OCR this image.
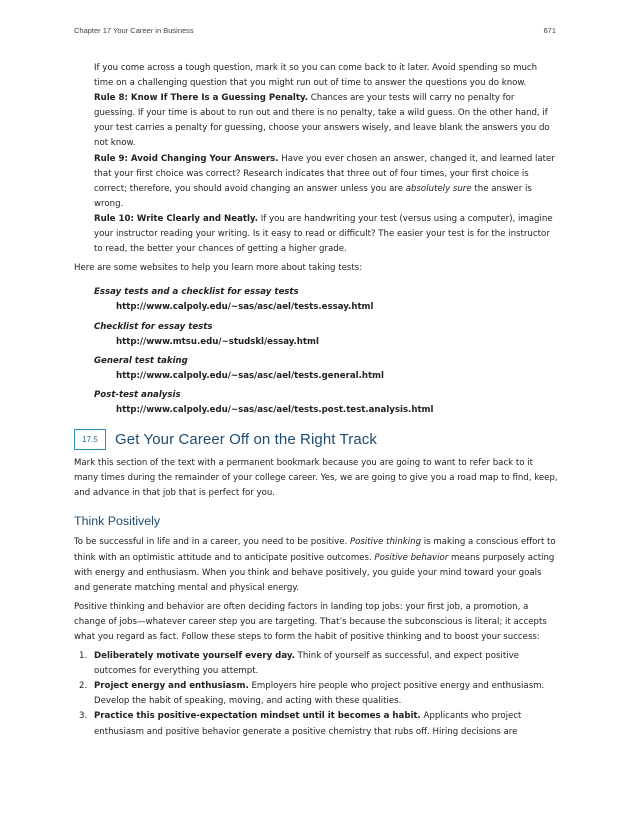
Chapter 17 Your Career in Business	671

If you come across a tough question, mark it so you can come back to it later. Avoid spending so much time on a challenging question that you might run out of time to answer the questions you do know.

Rule 8: Know If There Is a Guessing Penalty. Chances are your tests will carry no penalty for guessing. If your time is about to run out and there is no penalty, take a wild guess. On the other hand, if your test carries a penalty for guessing, choose your answers wisely, and leave blank the answers you do not know.

Rule 9: Avoid Changing Your Answers. Have you ever chosen an answer, changed it, and learned later that your first choice was correct? Research indicates that three out of four times, your first choice is correct; therefore, you should avoid changing an answer unless you are absolutely sure the answer is wrong.

Rule 10: Write Clearly and Neatly. If you are handwriting your test (versus using a computer), imagine your instructor reading your writing. Is it easy to read or difficult? The easier your test is for the instructor to read, the better your chances of getting a higher grade.

Here are some websites to help you learn more about taking tests:

Essay tests and a checklist for essay tests
http://www.calpoly.edu/~sas/asc/ael/tests.essay.html
Checklist for essay tests
http://www.mtsu.edu/~studskl/essay.html
General test taking
http://www.calpoly.edu/~sas/asc/ael/tests.general.html
Post-test analysis
http://www.calpoly.edu/~sas/asc/ael/tests.post.test.analysis.html
17.5	Get Your Career Off on the Right Track

Mark this section of the text with a permanent bookmark because you are going to want to refer back to it many times during the remainder of your college career. Yes, we are going to give you a road map to find, keep, and advance in that job that is perfect for you.

Think Positively

To be successful in life and in a career, you need to be positive. Positive thinking is making a conscious effort to think with an optimistic attitude and to anticipate positive outcomes. Positive behavior means purposely acting with energy and enthusiasm. When you think and behave positively, you guide your mind toward your goals and generate matching mental and physical energy.

Positive thinking and behavior are often deciding factors in landing top jobs: your first job, a promotion, a change of jobs—whatever career step you are targeting. That’s because the subconscious is literal; it accepts what you regard as fact. Follow these steps to form the habit of positive thinking and to boost your success:

1. Deliberately motivate yourself every day. Think of yourself as successful, and expect positive outcomes for everything you attempt.
2. Project energy and enthusiasm. Employers hire people who project positive energy and enthusiasm. Develop the habit of speaking, moving, and acting with these qualities.
3. Practice this positive-expectation mindset until it becomes a habit. Applicants who project enthusiasm and positive behavior generate a positive chemistry that rubs off. Hiring decisions are
